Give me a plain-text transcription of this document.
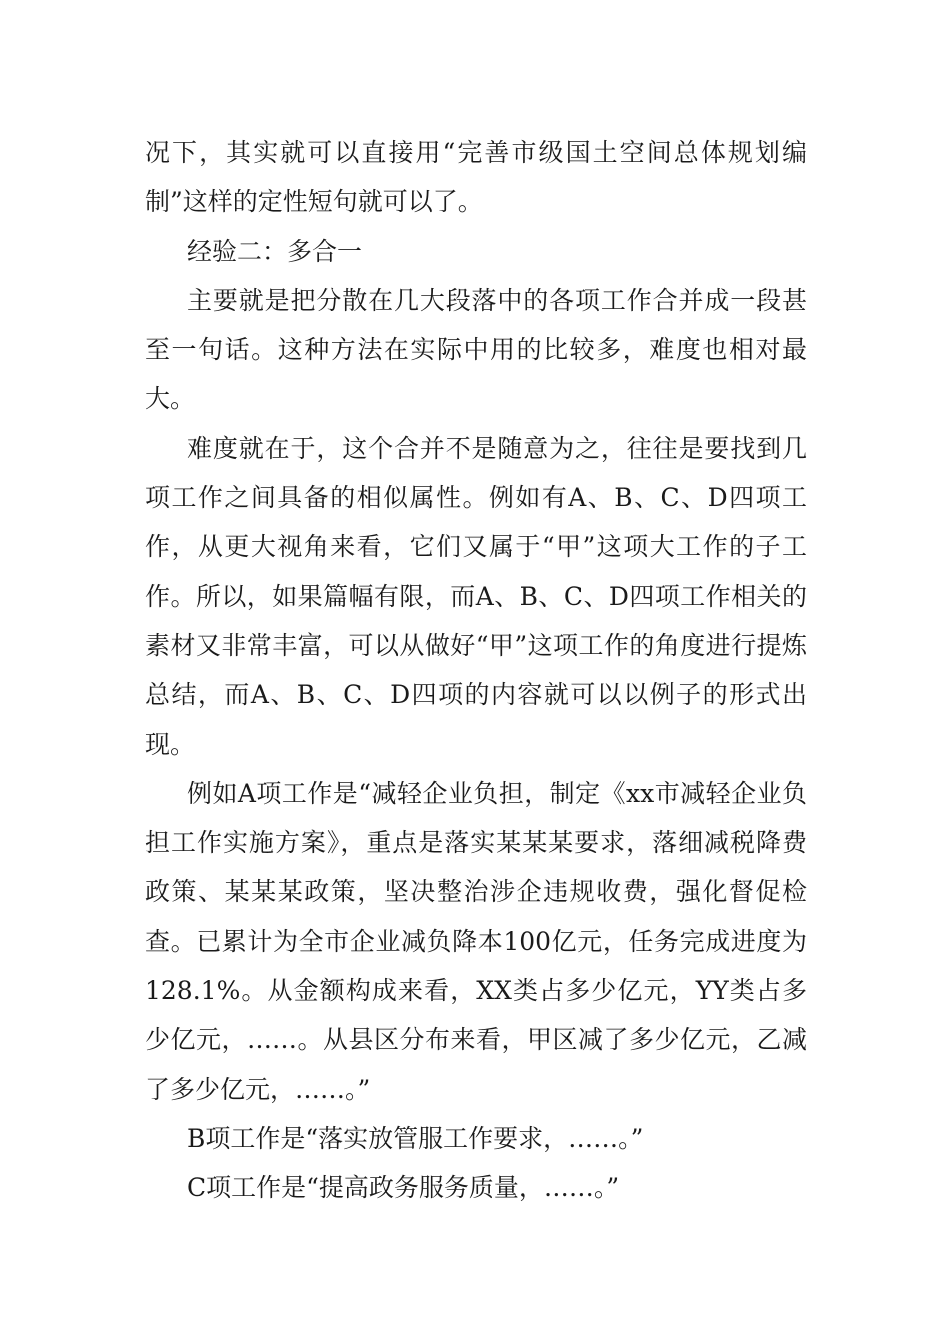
况下，其实就可以直接用“完善市级国土空间总体规划编制”这样的定性短句就可以了。

经验二：多合一

主要就是把分散在几大段落中的各项工作合并成一段甚至一句话。这种方法在实际中用的比较多，难度也相对最大。

难度就在于，这个合并不是随意为之，往往是要找到几项工作之间具备的相似属性。例如有A、B、C、D四项工作，从更大视角来看，它们又属于“甲”这项大工作的子工作。所以，如果篇幅有限，而A、B、C、D四项工作相关的素材又非常丰富，可以从做好“甲”这项工作的角度进行提炼总结，而A、B、C、D四项的内容就可以以例子的形式出现。

例如A项工作是“减轻企业负担，制定《xx市减轻企业负担工作实施方案》，重点是落实某某某要求，落细减税降费政策、某某某政策，坚决整治涉企违规收费，强化督促检查。已累计为全市企业减负降本100亿元，任务完成进度为128.1%。从金额构成来看，XX类占多少亿元，YY类占多少亿元，……。从县区分布来看，甲区减了多少亿元，乙减了多少亿元，……。”

B项工作是“落实放管服工作要求，……。”

C项工作是“提高政务服务质量，……。”
